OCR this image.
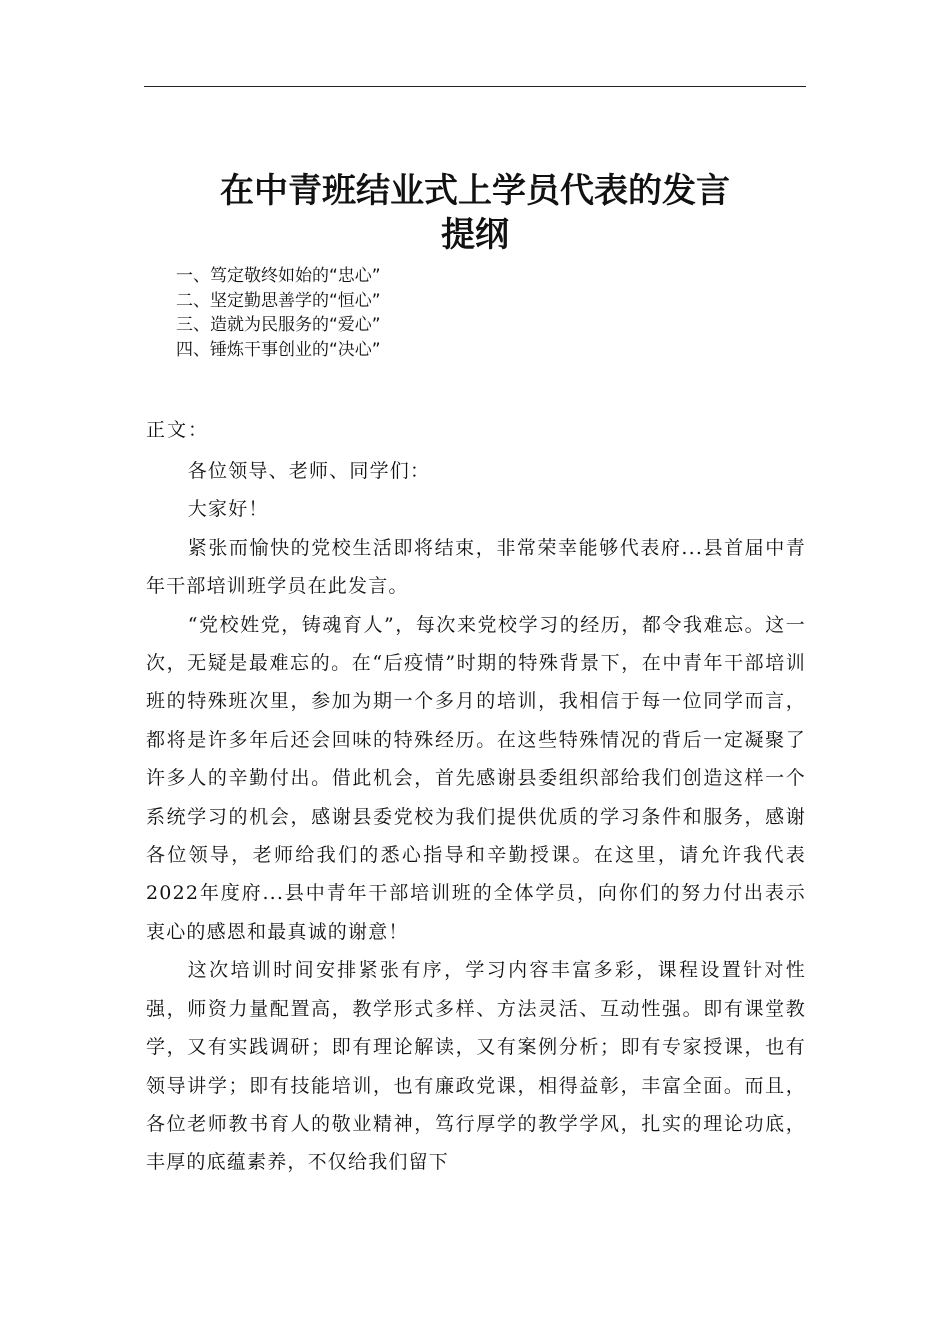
在中青班结业式上学员代表的发言
提纲
一、笃定敬终如始的“忠心”
二、坚定勤思善学的“恒心”
三、造就为民服务的“爱心”
四、锤炼干事创业的“决心”
正文：

各位领导、老师、同学们：

大家好！

紧张而愉快的党校生活即将结束，非常荣幸能够代表府...县首届中青年干部培训班学员在此发言。

“党校姓党，铸魂育人”，每次来党校学习的经历，都令我难忘。这一次，无疑是最难忘的。在“后疫情”时期的特殊背景下，在中青年干部培训班的特殊班次里，参加为期一个多月的培训，我相信于每一位同学而言，都将是许多年后还会回味的特殊经历。在这些特殊情况的背后一定凝聚了许多人的辛勤付出。借此机会，首先感谢县委组织部给我们创造这样一个系统学习的机会，感谢县委党校为我们提供优质的学习条件和服务，感谢各位领导，老师给我们的悉心指导和辛勤授课。在这里，请允许我代表2022年度府...县中青年干部培训班的全体学员，向你们的努力付出表示衷心的感恩和最真诚的谢意！

这次培训时间安排紧张有序，学习内容丰富多彩，课程设置针对性强，师资力量配置高，教学形式多样、方法灵活、互动性强。即有课堂教学，又有实践调研；即有理论解读，又有案例分析；即有专家授课，也有领导讲学；即有技能培训，也有廉政党课，相得益彰，丰富全面。而且，各位老师教书育人的敬业精神，笃行厚学的教学学风，扎实的理论功底，丰厚的底蕴素养，不仅给我们留下
